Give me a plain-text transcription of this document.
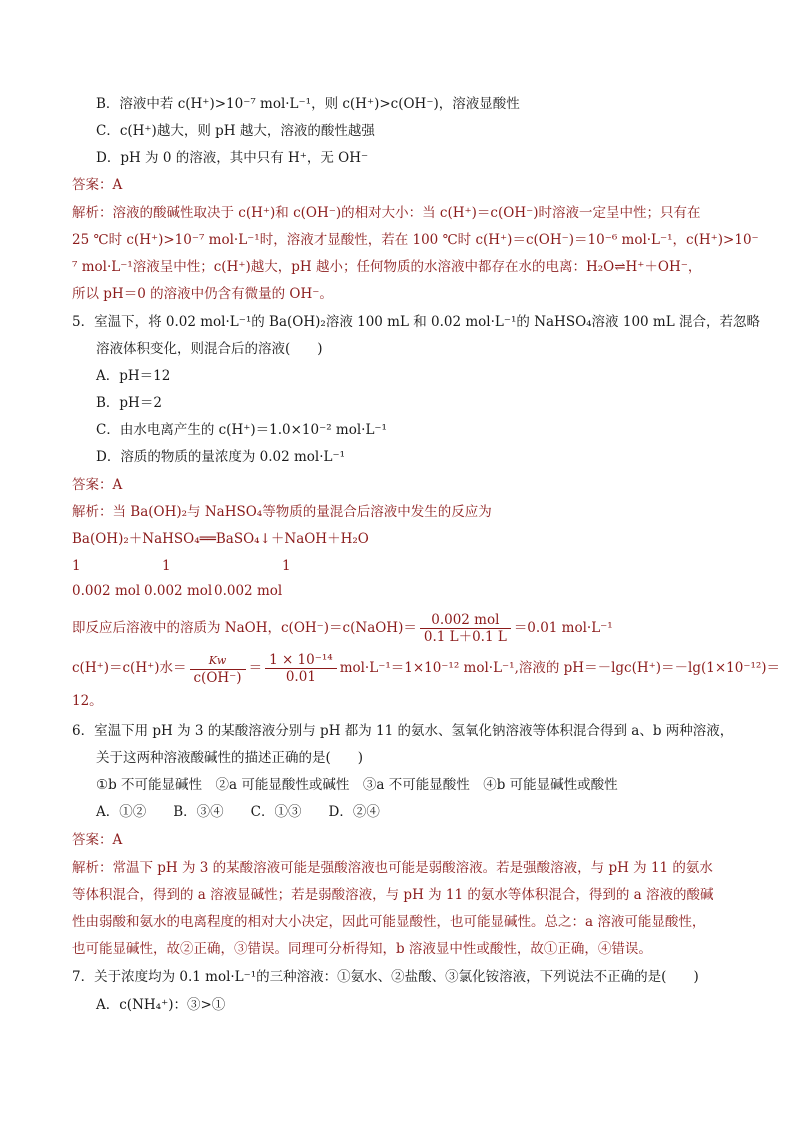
B．溶液中若 c(H⁺)>10⁻⁷ mol·L⁻¹，则 c(H⁺)>c(OH⁻)，溶液显酸性
C．c(H⁺)越大，则 pH 越大，溶液的酸性越强
D．pH 为 0 的溶液，其中只有 H⁺，无 OH⁻
答案：A
解析：溶液的酸碱性取决于 c(H⁺)和 c(OH⁻)的相对大小：当 c(H⁺)＝c(OH⁻)时溶液一定呈中性；只有在
25 ℃时 c(H⁺)>10⁻⁷ mol·L⁻¹时，溶液才显酸性，若在 100 ℃时 c(H⁺)＝c(OH⁻)＝10⁻⁶ mol·L⁻¹，c(H⁺)>10⁻
⁷ mol·L⁻¹溶液呈中性；c(H⁺)越大，pH 越小；任何物质的水溶液中都存在水的电离：H₂O⇌H⁺＋OH⁻，
所以 pH＝0 的溶液中仍含有微量的 OH⁻。
5．室温下，将 0.02 mol·L⁻¹的 Ba(OH)₂溶液 100 mL 和 0.02 mol·L⁻¹的 NaHSO₄溶液 100 mL 混合，若忽略
溶液体积变化，则混合后的溶液(　　)
A．pH＝12
B．pH＝2
C．由水电离产生的 c(H⁺)＝1.0×10⁻² mol·L⁻¹
D．溶质的物质的量浓度为 0.02 mol·L⁻¹
答案：A
解析：当 Ba(OH)₂与 NaHSO₄等物质的量混合后溶液中发生的反应为
Ba(OH)₂＋NaHSO₄══BaSO₄↓＋NaOH＋H₂O
1	1	1
0.002 mol 0.002 mol 0.002 mol
即反应后溶液中的溶质为 NaOH，c(OH⁻)＝c(NaOH)＝	0.002 mol
0.1 L＋0.1 L
＝0.01 mol·L⁻¹
c(H⁺)＝c(H⁺)水＝ $\frac{Kw}{c(OH^-)} = \frac{\text{1 × 10⁻¹⁴}}{0.01} mol\cdot L^{-1}=1\times 10^{-12}$ mol·L⁻¹,溶液的 pH＝－lgc(H⁺)＝－lg(1×10⁻¹²)＝
12。
6．室温下用 pH 为 3 的某酸溶液分别与 pH 都为 11 的氨水、氢氧化钠溶液等体积混合得到 a、b 两种溶液，
关于这两种溶液酸碱性的描述正确的是(　　)
①b 不可能显碱性　②a 可能显酸性或碱性　③a 不可能显酸性　④b 可能显碱性或酸性
A．①②　　B．③④　　C．①③　　D．②④
答案：A
解析：常温下 pH 为 3 的某酸溶液可能是强酸溶液也可能是弱酸溶液。若是强酸溶液，与 pH 为 11 的氨水
等体积混合，得到的 a 溶液显碱性；若是弱酸溶液，与 pH 为 11 的氨水等体积混合，得到的 a 溶液的酸碱
性由弱酸和氨水的电离程度的相对大小决定，因此可能显酸性，也可能显碱性。总之：a 溶液可能显酸性，
也可能显碱性，故②正确，③错误。同理可分析得知，b 溶液显中性或酸性，故①正确，④错误。
7．关于浓度均为 0.1 mol·L⁻¹的三种溶液：①氨水、②盐酸、③氯化铵溶液，下列说法不正确的是(　　)
A．c(NH₄⁺)：③>①
